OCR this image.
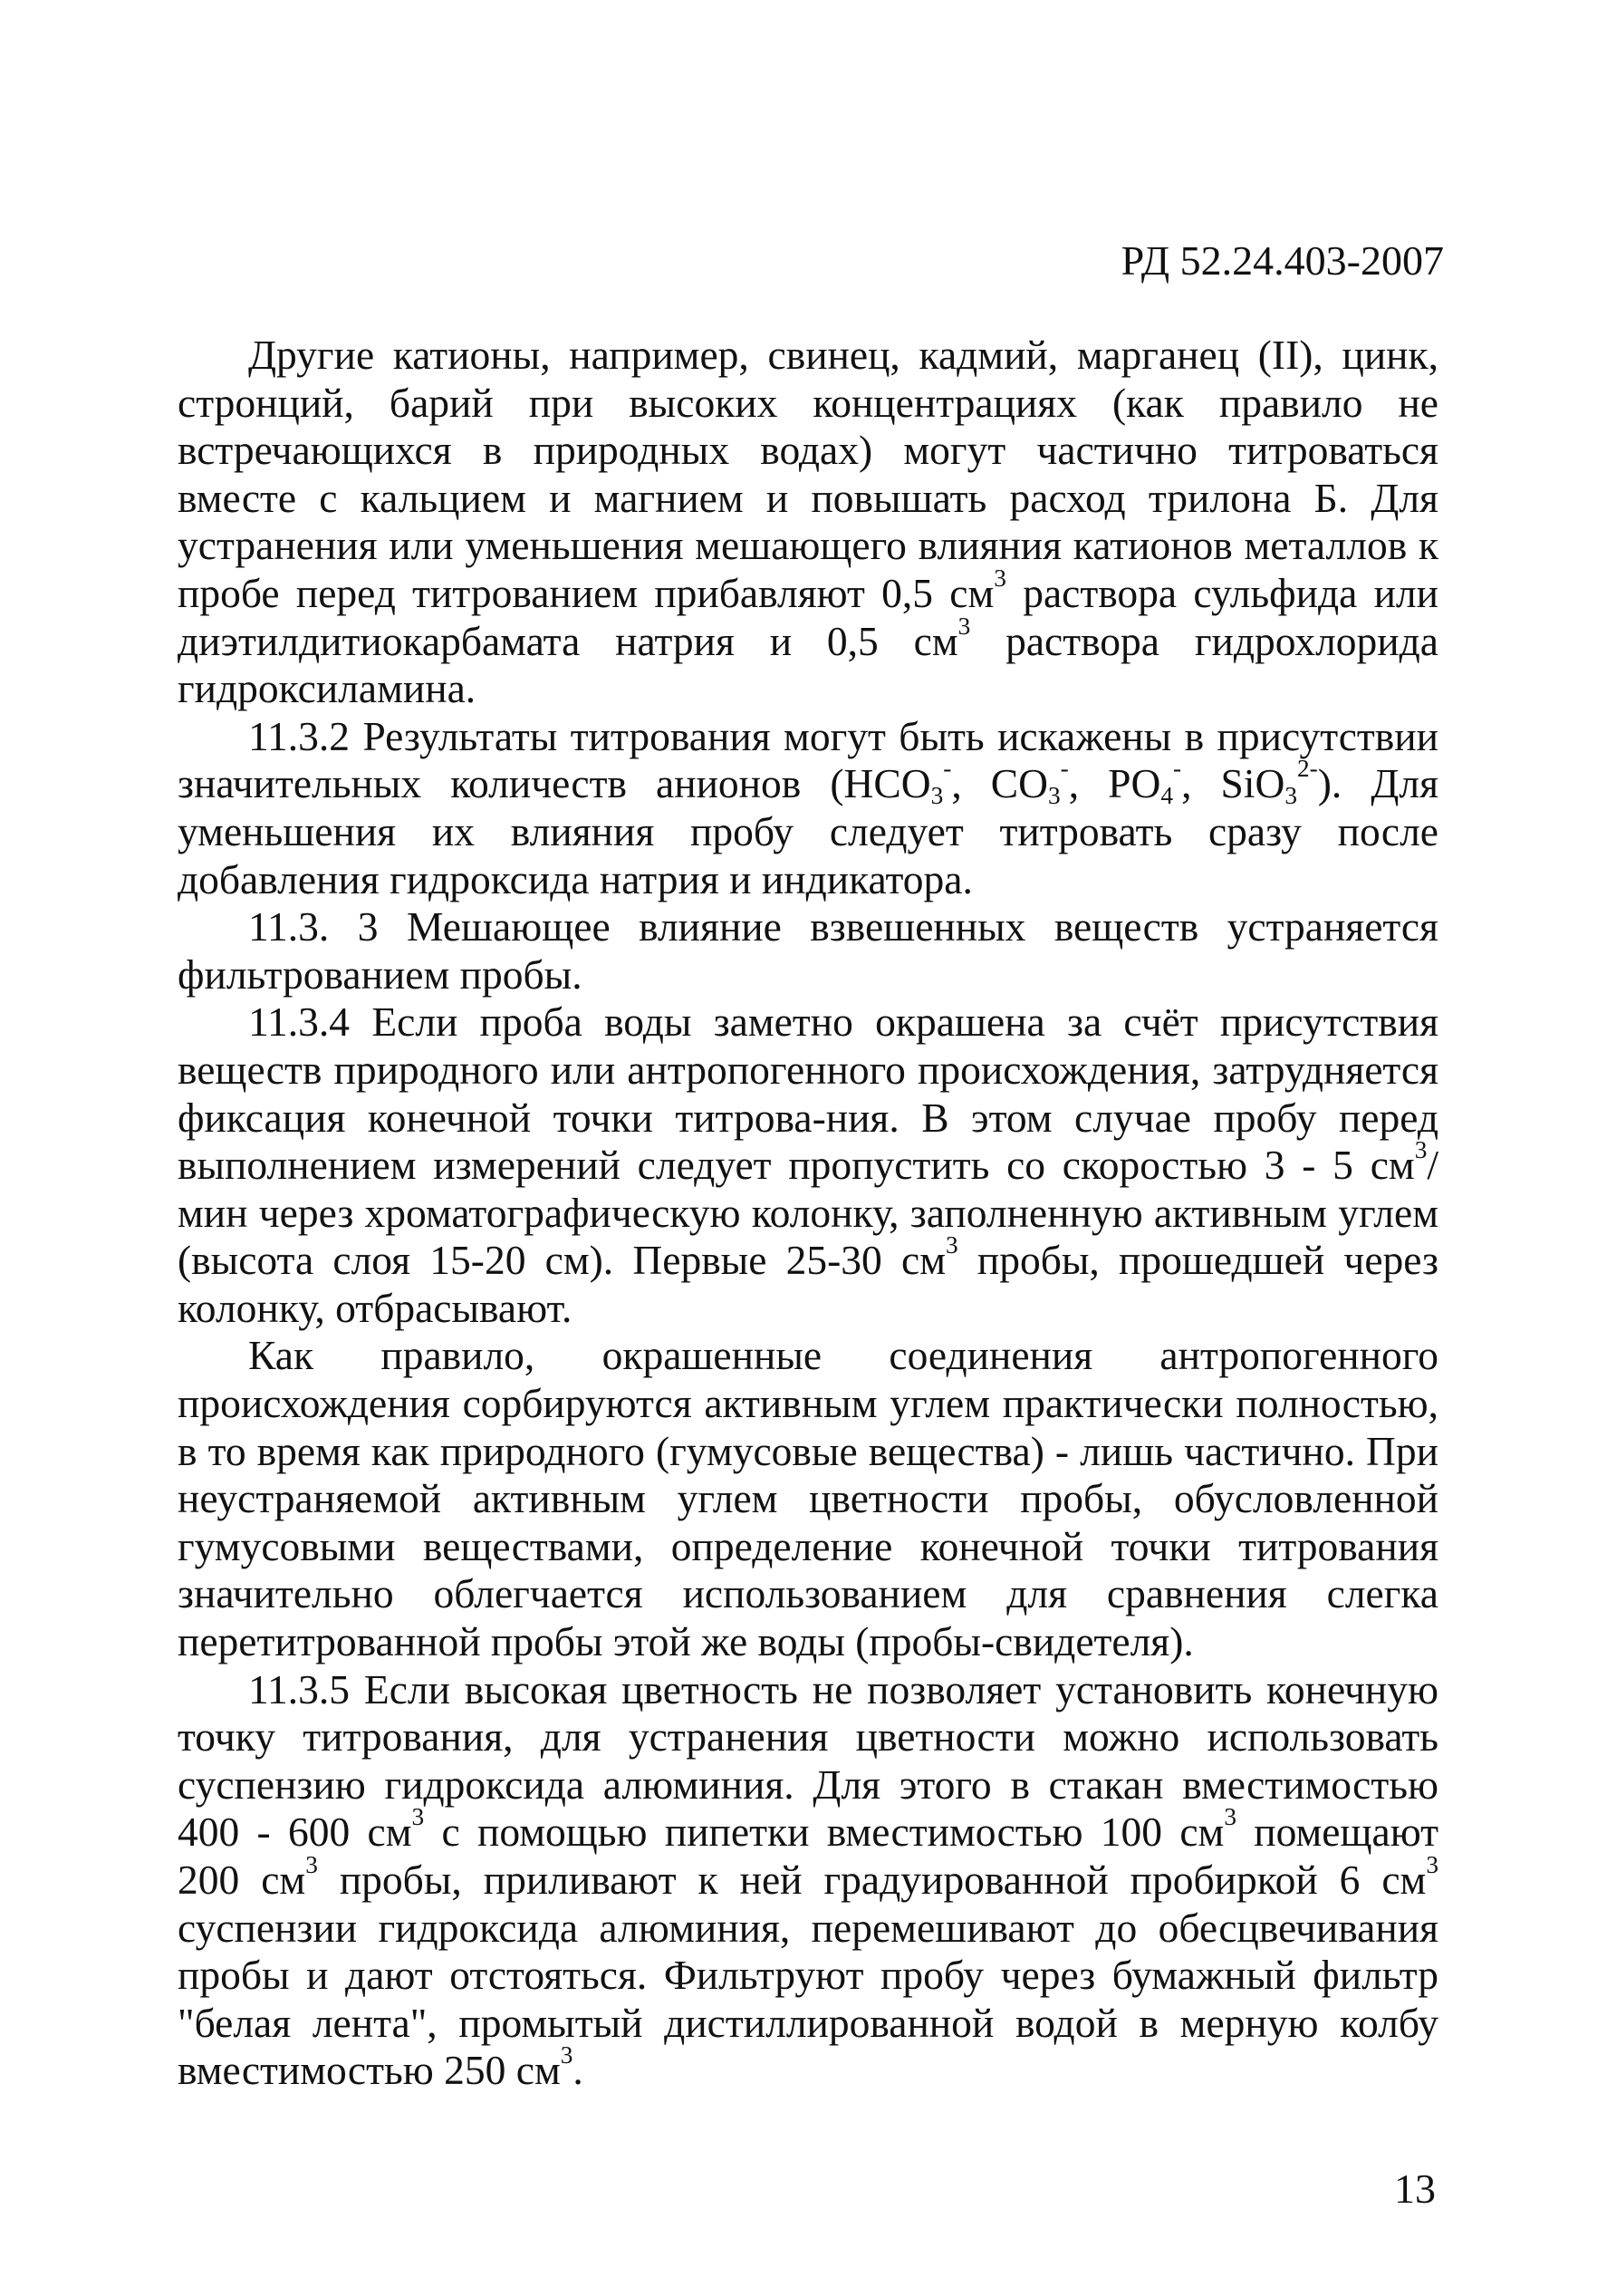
РД 52.24.403-2007

Другие катионы, например, свинец, кадмий, марганец (II), цинк, стронций, барий при высоких концентрациях (как правило не встречающихся в природных водах) могут частично титроваться вместе с кальцием и магнием и повышать расход трилона Б. Для устранения или уменьшения мешающего влияния катионов металлов к пробе перед титрованием прибавляют 0,5 $см^3$ раствора сульфида или диэтилдитиокарбамата натрия и 0,5 $см^3$ раствора гидрохлорида гидроксиламина.

11.3.2 Результаты титрования могут быть искажены в присутствии значительных количеств анионов ($HCO_3^-$, $CO_3^-$, $PO_4^-$, SiO$_3^{2-}$). Для уменьшения их влияния пробу следует титровать сразу после добавления гидроксида натрия и индикатора.

11.3. 3 Мешающее влияние взвешенных веществ устраняется фильтрованием пробы.

11.3.4 Если проба воды заметно окрашена за счёт присутствия веществ природного или антропогенного происхождения, затрудняется фиксация конечной точки титрова-ния. В этом случае пробу перед выполнением измерений следует пропустить со скоростью 3 - 5 $см^3$/мин через хроматографическую колонку, заполненную активным углем (высота слоя 15-20 см). Первые 25-30 $см^3$ пробы, прошедшей через колонку, отбрасывают.

Как правило, окрашенные соединения антропогенного происхождения сорбируются активным углем практически полностью, в то время как природного (гумусовые вещества) - лишь частично. При неустраняемой активным углем цветности пробы, обусловленной гумусовыми веществами, определение конечной точки титрования значительно облегчается использованием для сравнения слегка перетитрованной пробы этой же воды (пробы-свидетеля).

11.3.5 Если высокая цветность не позволяет установить конечную точку титрования, для устранения цветности можно использовать суспензию гидроксида алюминия. Для этого в стакан вместимостью 400 - 600 $см^3$ с помощью пипетки вместимостью 100 $см^3$ помещают 200 $см^3$ пробы, приливают к ней градуированной пробиркой 6 $см^3$ суспензии гидроксида алюминия, перемешивают до обесцвечивания пробы и дают отстояться. Фильтруют пробу через бумажный фильтр "белая лента", промытый дистиллированной водой в мерную колбу вместимостью 250 $см^3$.

13
